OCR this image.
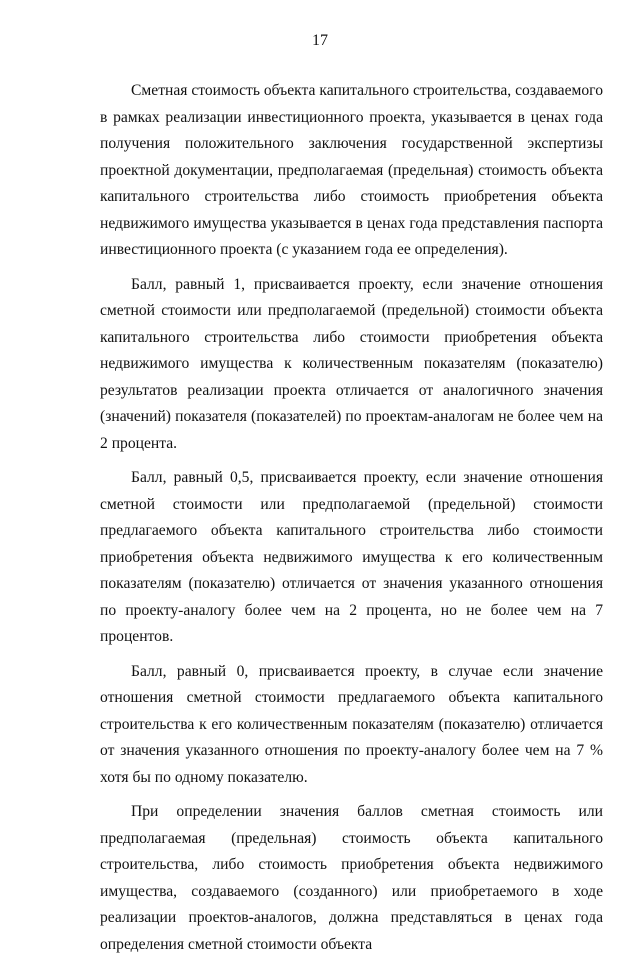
17

Сметная стоимость объекта капитального строительства, создаваемого в рамках реализации инвестиционного проекта, указывается в ценах года получения положительного заключения государственной экспертизы проектной документации, предполагаемая (предельная) стоимость объекта капитального строительства либо стоимость приобретения объекта недвижимого имущества указывается в ценах года представления паспорта инвестиционного проекта (с указанием года ее определения).

Балл, равный 1, присваивается проекту, если значение отношения сметной стоимости или предполагаемой (предельной) стоимости объекта капитального строительства либо стоимости приобретения объекта недвижимого имущества к количественным показателям (показателю) результатов реализации проекта отличается от аналогичного значения (значений) показателя (показателей) по проектам-аналогам не более чем на 2 процента.

Балл, равный 0,5, присваивается проекту, если значение отношения сметной стоимости или предполагаемой (предельной) стоимости предлагаемого объекта капитального строительства либо стоимости приобретения объекта недвижимого имущества к его количественным показателям (показателю) отличается от значения указанного отношения по проекту-аналогу более чем на 2 процента, но не более чем на 7 процентов.

Балл, равный 0, присваивается проекту, в случае если значение отношения сметной стоимости предлагаемого объекта капитального строительства к его количественным показателям (показателю) отличается от значения указанного отношения по проекту-аналогу более чем на 7 % хотя бы по одному показателю.

При определении значения баллов сметная стоимость или предполагаемая (предельная) стоимость объекта капитального строительства, либо стоимость приобретения объекта недвижимого имущества, создаваемого (созданного) или приобретаемого в ходе реализации проектов-аналогов, должна представляться в ценах года определения сметной стоимости объекта
